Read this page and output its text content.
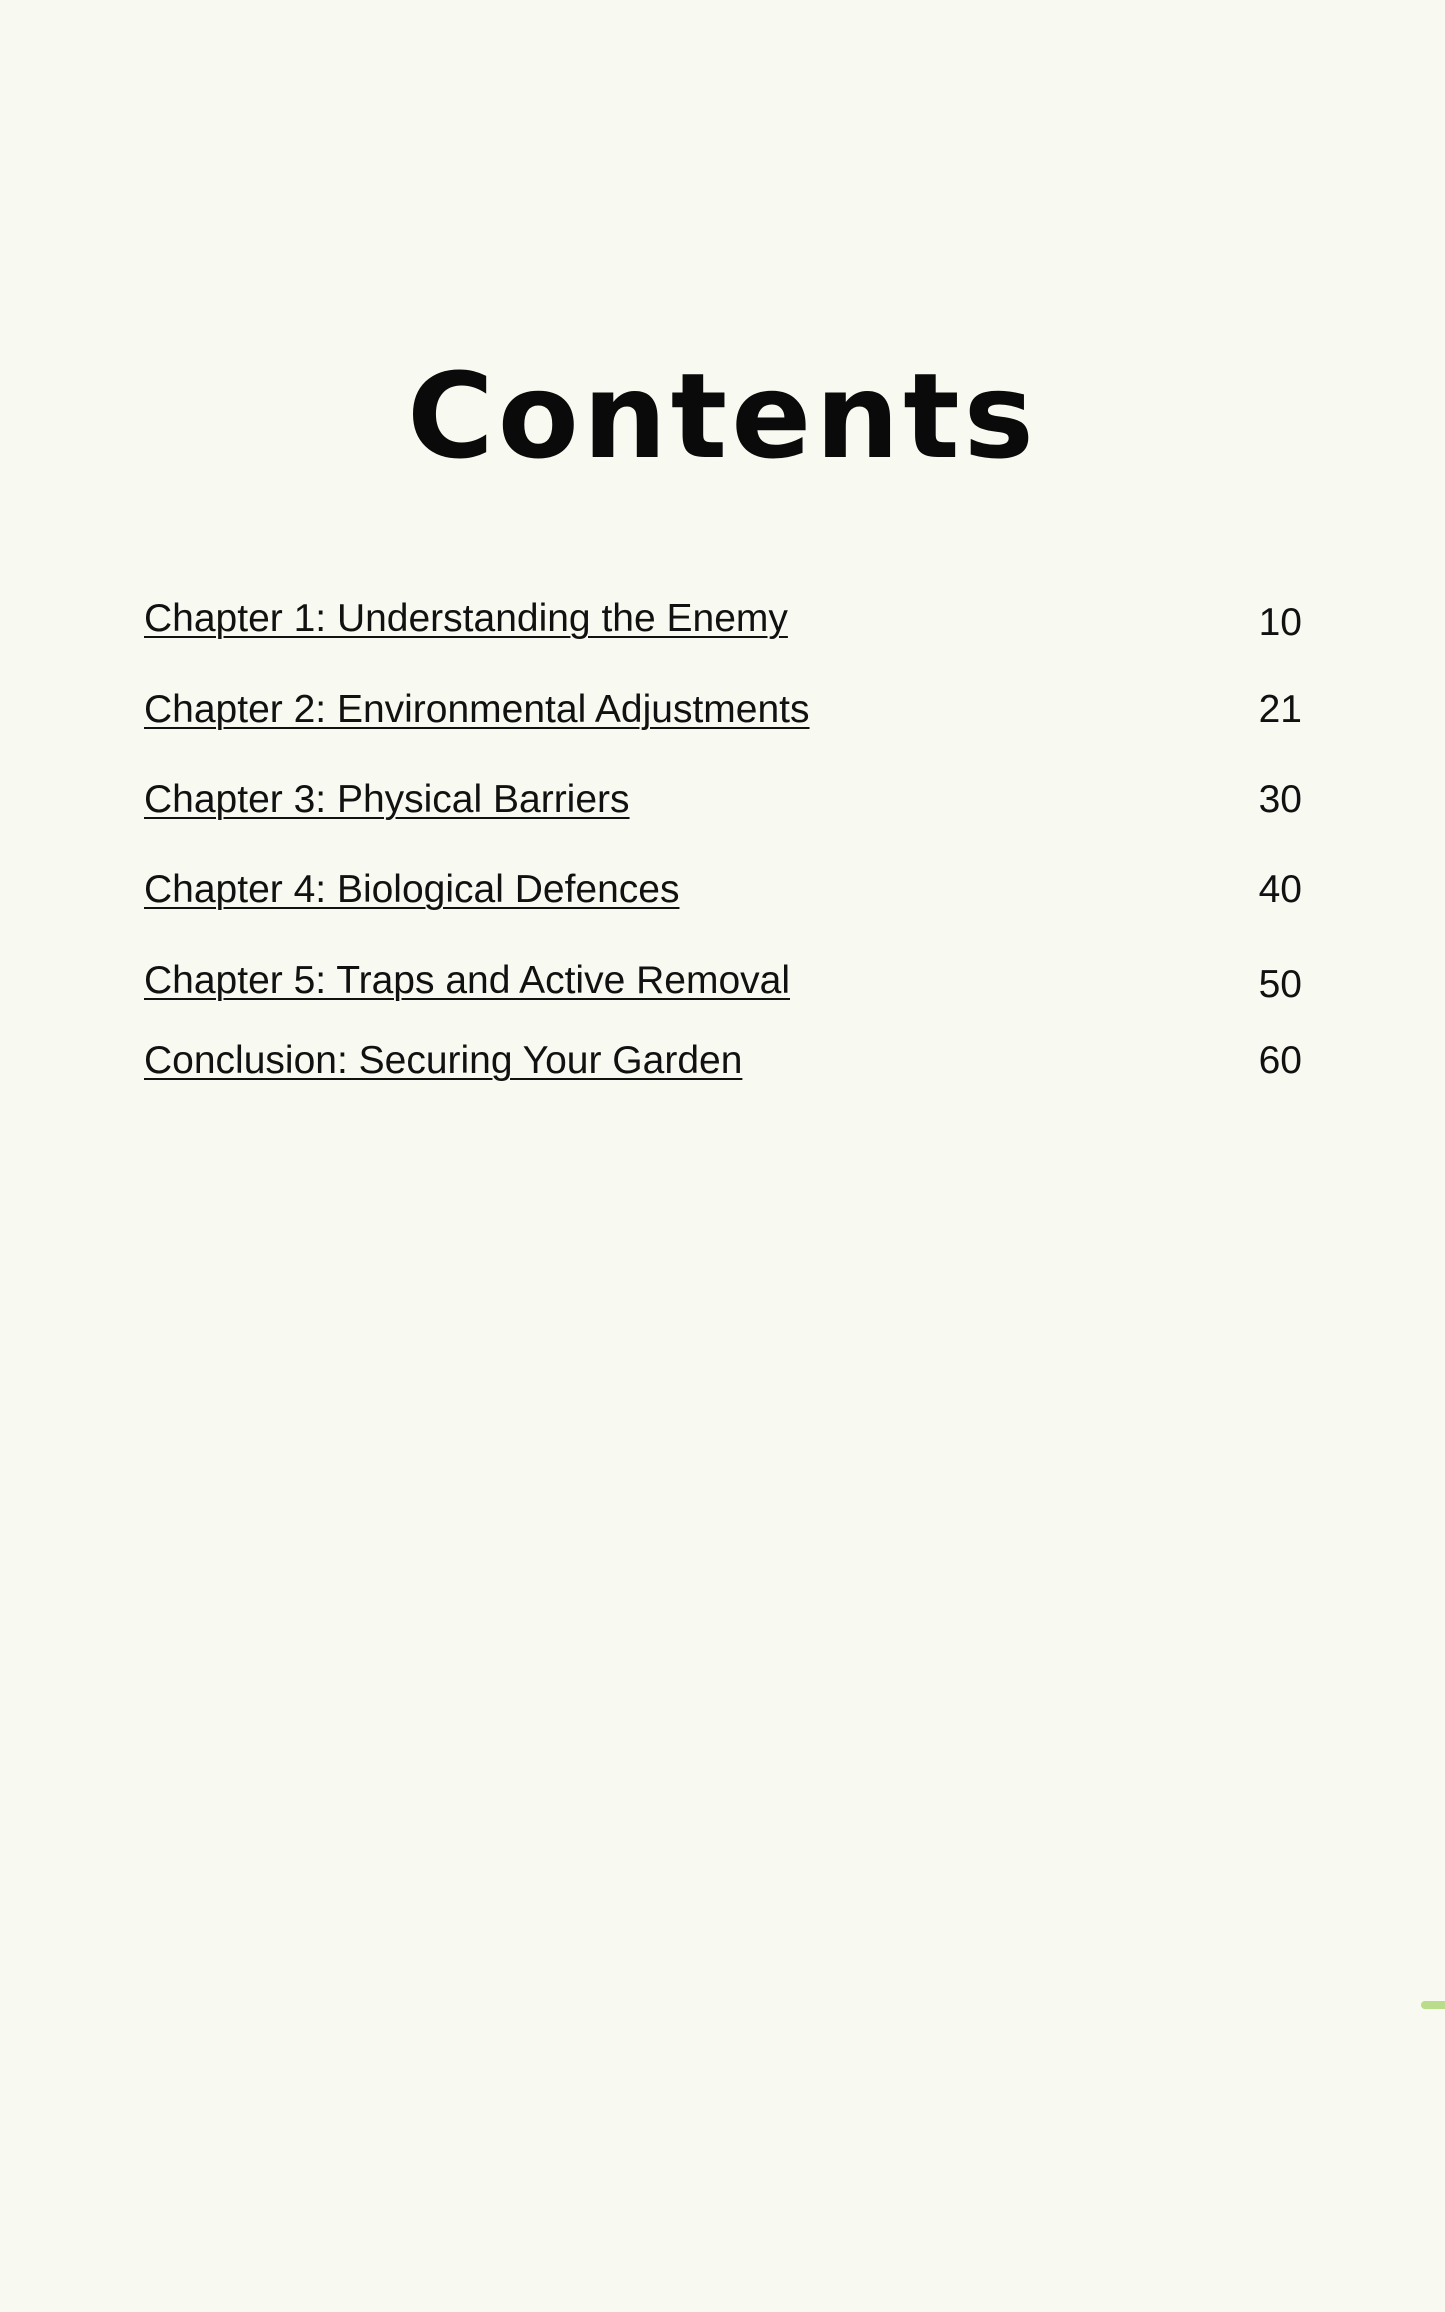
Contents
Chapter 1: Understanding the Enemy	10
Chapter 2: Environmental Adjustments	21
Chapter 3: Physical Barriers	30
Chapter 4: Biological Defences	40
Chapter 5: Traps and Active Removal	50
Conclusion: Securing Your Garden	60
